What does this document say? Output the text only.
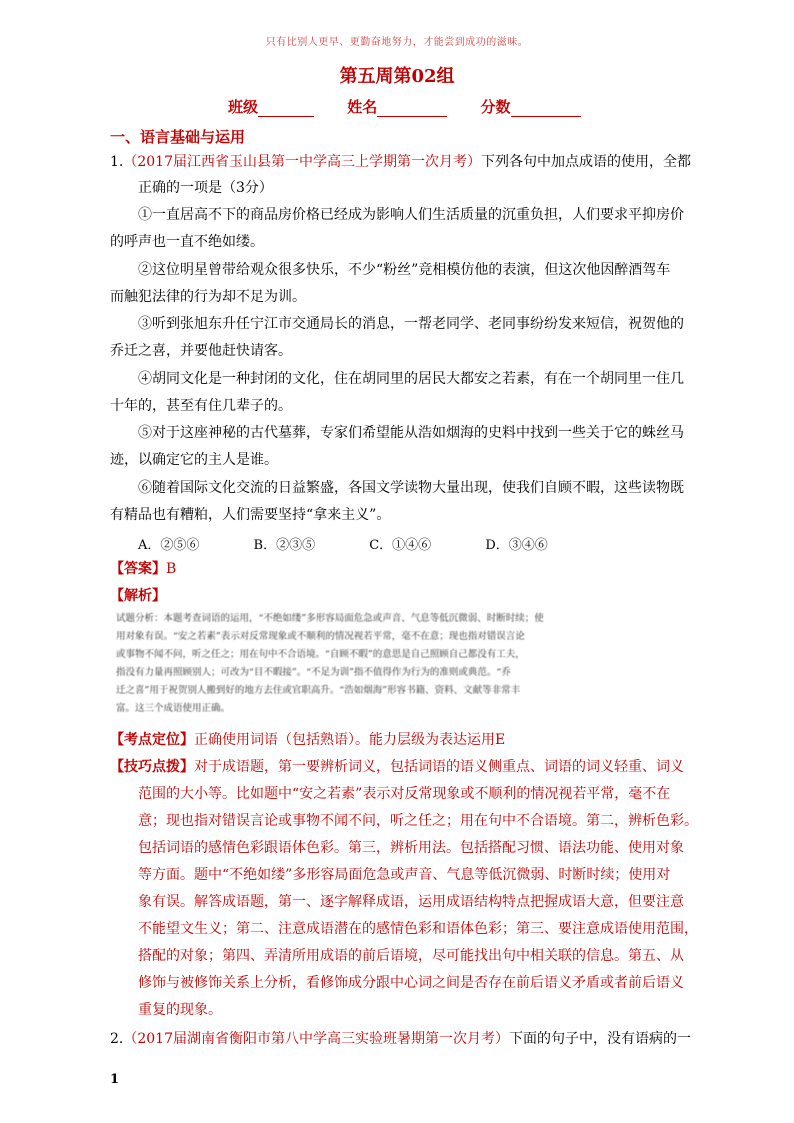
只有比别人更早、更勤奋地努力，才能尝到成功的滋味。
第五周第02组
班级	姓名	分数
一、语言基础与运用
1.（2017届江西省玉山县第一中学高三上学期第一次月考）下列各句中加点成语的使用，全都
正确的一项是（3分）
①一直居高不下的商品房价格已经成为影响人们生活质量的沉重负担，人们要求平抑房价
的呼声也一直不绝如缕。
②这位明星曾带给观众很多快乐，不少“粉丝”竞相模仿他的表演，但这次他因醉酒驾车
而触犯法律的行为却不足为训。
③听到张旭东升任宁江市交通局长的消息，一帮老同学、老同事纷纷发来短信，祝贺他的
乔迁之喜，并要他赶快请客。
④胡同文化是一种封闭的文化，住在胡同里的居民大都安之若素，有在一个胡同里一住几
十年的，甚至有住几辈子的。
⑤对于这座神秘的古代墓葬，专家们希望能从浩如烟海的史料中找到一些关于它的蛛丝马
迹，以确定它的主人是谁。
⑥随着国际文化交流的日益繁盛，各国文学读物大量出现，使我们自顾不暇，这些读物既
有精品也有糟粕，人们需要坚持“拿来主义”。
A．②⑤⑥	B．②③⑤	C．①④⑥	D．③④⑥
【答案】B
【解析】
试题分析：本题考查词语的运用，“不绝如缕”多形容局面危急或声音、气息等低沉微弱、时断时续；使
用对象有误。“安之若素”表示对反常现象或不顺利的情况视若平常，毫不在意；现也指对错误言论
或事物不闻不问，听之任之；用在句中不合语境。“自顾不暇”的意思是自己照顾自己都没有工夫，
指没有力量再照顾别人；可改为“目不暇接”。“不足为训”指不值得作为行为的准则或典范。“乔
迁之喜”用于祝贺别人搬到好的地方去住或官职高升。“浩如烟海”形容书籍、资料、文献等非常丰
富。这三个成语使用正确。
【考点定位】正确使用词语（包括熟语）。能力层级为表达运用E
【技巧点拨】对于成语题，第一要辨析词义，包括词语的语义侧重点、词语的词义轻重、词义
范围的大小等。比如题中“安之若素”表示对反常现象或不顺利的情况视若平常，毫不在
意；现也指对错误言论或事物不闻不问，听之任之；用在句中不合语境。第二，辨析色彩。
包括词语的感情色彩跟语体色彩。第三，辨析用法。包括搭配习惯、语法功能、使用对象
等方面。题中“不绝如缕”多形容局面危急或声音、气息等低沉微弱、时断时续；使用对
象有误。解答成语题，第一、逐字解释成语，运用成语结构特点把握成语大意，但要注意
不能望文生义；第二、注意成语潜在的感情色彩和语体色彩；第三、要注意成语使用范围，
搭配的对象；第四、弄清所用成语的前后语境，尽可能找出句中相关联的信息。第五、从
修饰与被修饰关系上分析，看修饰成分跟中心词之间是否存在前后语义矛盾或者前后语义
重复的现象。
2.（2017届湖南省衡阳市第八中学高三实验班暑期第一次月考）下面的句子中，没有语病的一
1
